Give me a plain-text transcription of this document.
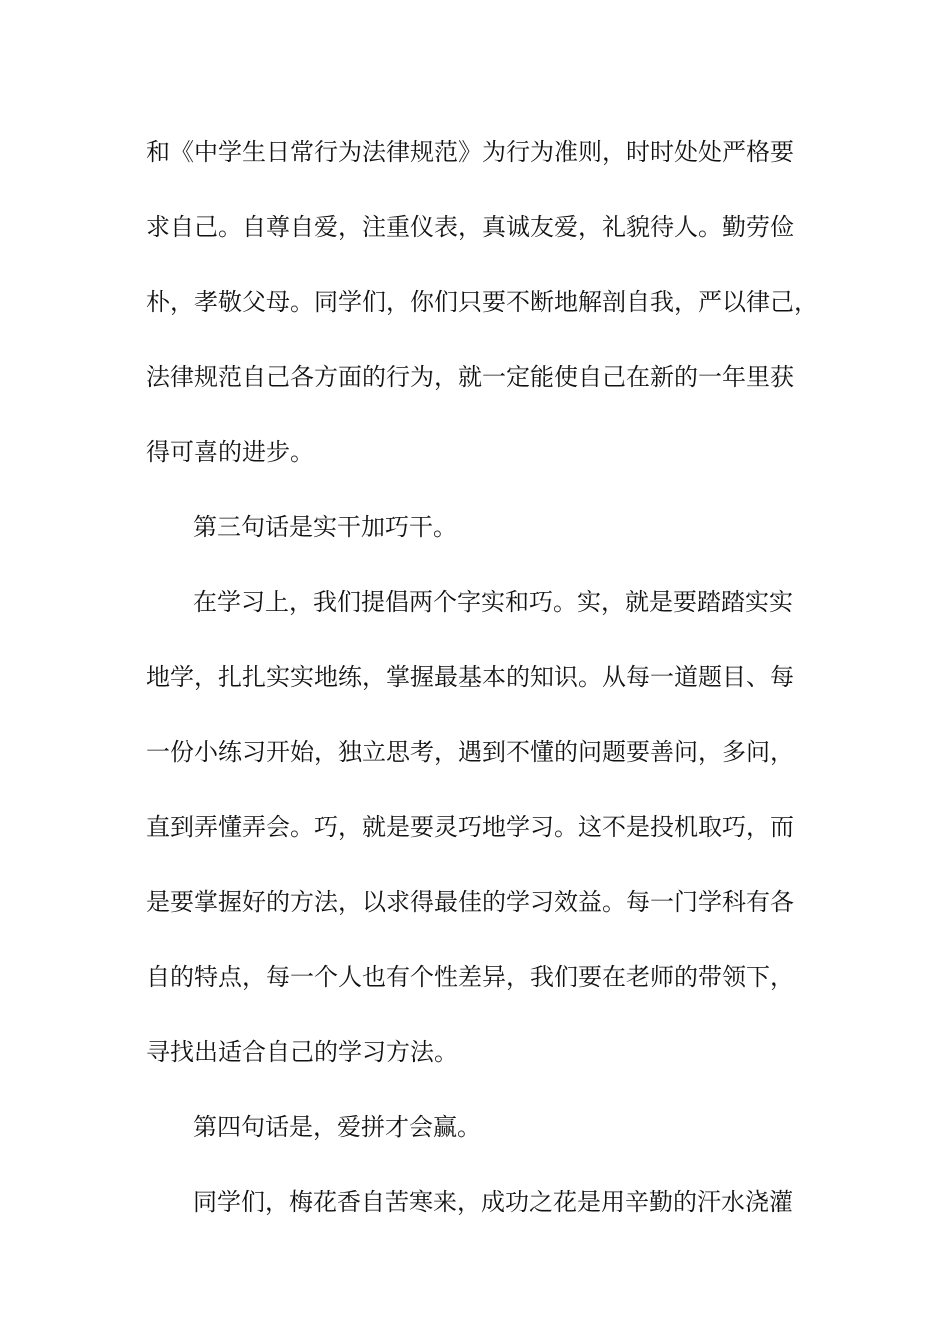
和《中学生日常行为法律规范》为行为准则，时时处处严格要
求自己。自尊自爱，注重仪表，真诚友爱，礼貌待人。勤劳俭
朴，孝敬父母。同学们，你们只要不断地解剖自我，严以律己，
法律规范自己各方面的行为，就一定能使自己在新的一年里获
得可喜的进步。
第三句话是实干加巧干。
在学习上，我们提倡两个字实和巧。实，就是要踏踏实实
地学，扎扎实实地练，掌握最基本的知识。从每一道题目、每
一份小练习开始，独立思考，遇到不懂的问题要善问，多问，
直到弄懂弄会。巧，就是要灵巧地学习。这不是投机取巧，而
是要掌握好的方法，以求得最佳的学习效益。每一门学科有各
自的特点，每一个人也有个性差异，我们要在老师的带领下，
寻找出适合自己的学习方法。
第四句话是，爱拼才会赢。
同学们，梅花香自苦寒来，成功之花是用辛勤的汗水浇灌
